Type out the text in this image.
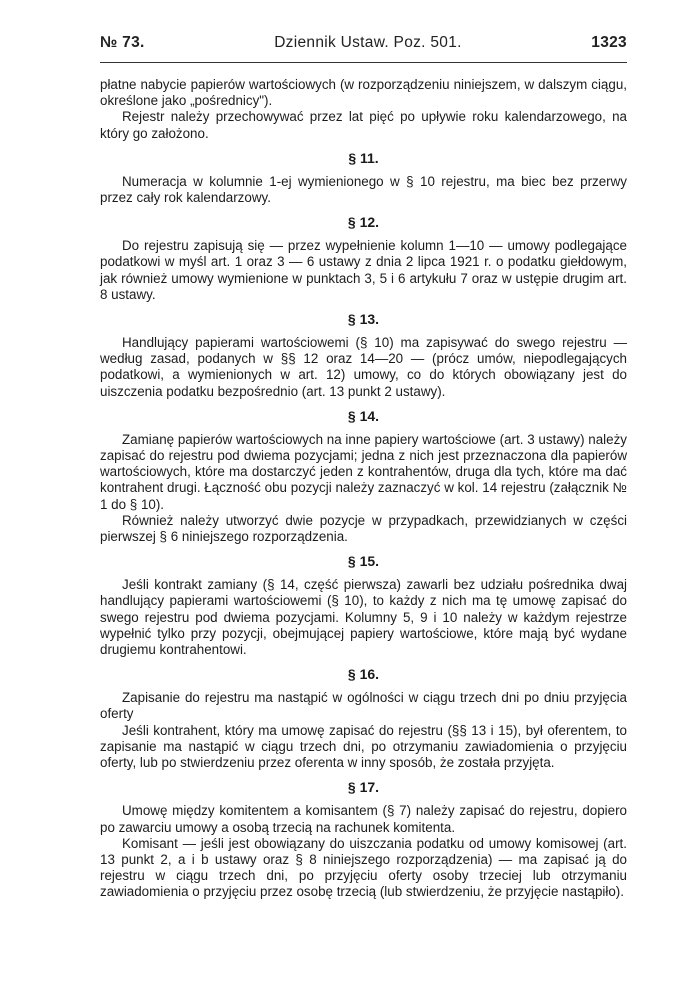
№ 73.	Dziennik Ustaw. Poz. 501.	1323

płatne nabycie papierów wartościowych (w rozporządzeniu niniejszem, w dalszym ciągu, określone jako „pośrednicy").

Rejestr należy przechowywać przez lat pięć po upływie roku kalendarzowego, na który go założono.

§ 11.

Numeracja w kolumnie 1-ej wymienionego w § 10 rejestru, ma biec bez przerwy przez cały rok kalendarzowy.

§ 12.

Do rejestru zapisują się — przez wypełnienie kolumn 1—10 — umowy podlegające podatkowi w myśl art. 1 oraz 3 — 6 ustawy z dnia 2 lipca 1921 r. o podatku giełdowym, jak również umowy wymienione w punktach 3, 5 i 6 artykułu 7 oraz w ustępie drugim art. 8 ustawy.

§ 13.

Handlujący papierami wartościowemi (§ 10) ma zapisywać do swego rejestru — według zasad, podanych w §§ 12 oraz 14—20 — (prócz umów, niepodlegających podatkowi, a wymienionych w art. 12) umowy, co do których obowiązany jest do uiszczenia podatku bezpośrednio (art. 13 punkt 2 ustawy).

§ 14.

Zamianę papierów wartościowych na inne papiery wartościowe (art. 3 ustawy) należy zapisać do rejestru pod dwiema pozycjami; jedna z nich jest przeznaczona dla papierów wartościowych, które ma dostarczyć jeden z kontrahentów, druga dla tych, które ma dać kontrahent drugi. Łączność obu pozycji należy zaznaczyć w kol. 14 rejestru (załącznik № 1 do § 10).

Również należy utworzyć dwie pozycje w przypadkach, przewidzianych w części pierwszej § 6 niniejszego rozporządzenia.

§ 15.

Jeśli kontrakt zamiany (§ 14, część pierwsza) zawarli bez udziału pośrednika dwaj handlujący papierami wartościowemi (§ 10), to każdy z nich ma tę umowę zapisać do swego rejestru pod dwiema pozycjami. Kolumny 5, 9 i 10 należy w każdym rejestrze wypełnić tylko przy pozycji, obejmującej papiery wartościowe, które mają być wydane drugiemu kontrahentowi.

§ 16.

Zapisanie do rejestru ma nastąpić w ogólności w ciągu trzech dni po dniu przyjęcia oferty

Jeśli kontrahent, który ma umowę zapisać do rejestru (§§ 13 i 15), był oferentem, to zapisanie ma nastąpić w ciągu trzech dni, po otrzymaniu zawiadomienia o przyjęciu oferty, lub po stwierdzeniu przez oferenta w inny sposób, że została przyjęta.

§ 17.

Umowę między komitentem a komisantem (§ 7) należy zapisać do rejestru, dopiero po zawarciu umowy a osobą trzecią na rachunek komitenta.

Komisant — jeśli jest obowiązany do uiszczania podatku od umowy komisowej (art. 13 punkt 2, a i b ustawy oraz § 8 niniejszego rozporządzenia) — ma zapisać ją do rejestru w ciągu trzech dni, po przyjęciu oferty osoby trzeciej lub otrzymaniu zawiadomienia o przyjęciu przez osobę trzecią (lub stwierdzeniu, że przyjęcie nastąpiło).
